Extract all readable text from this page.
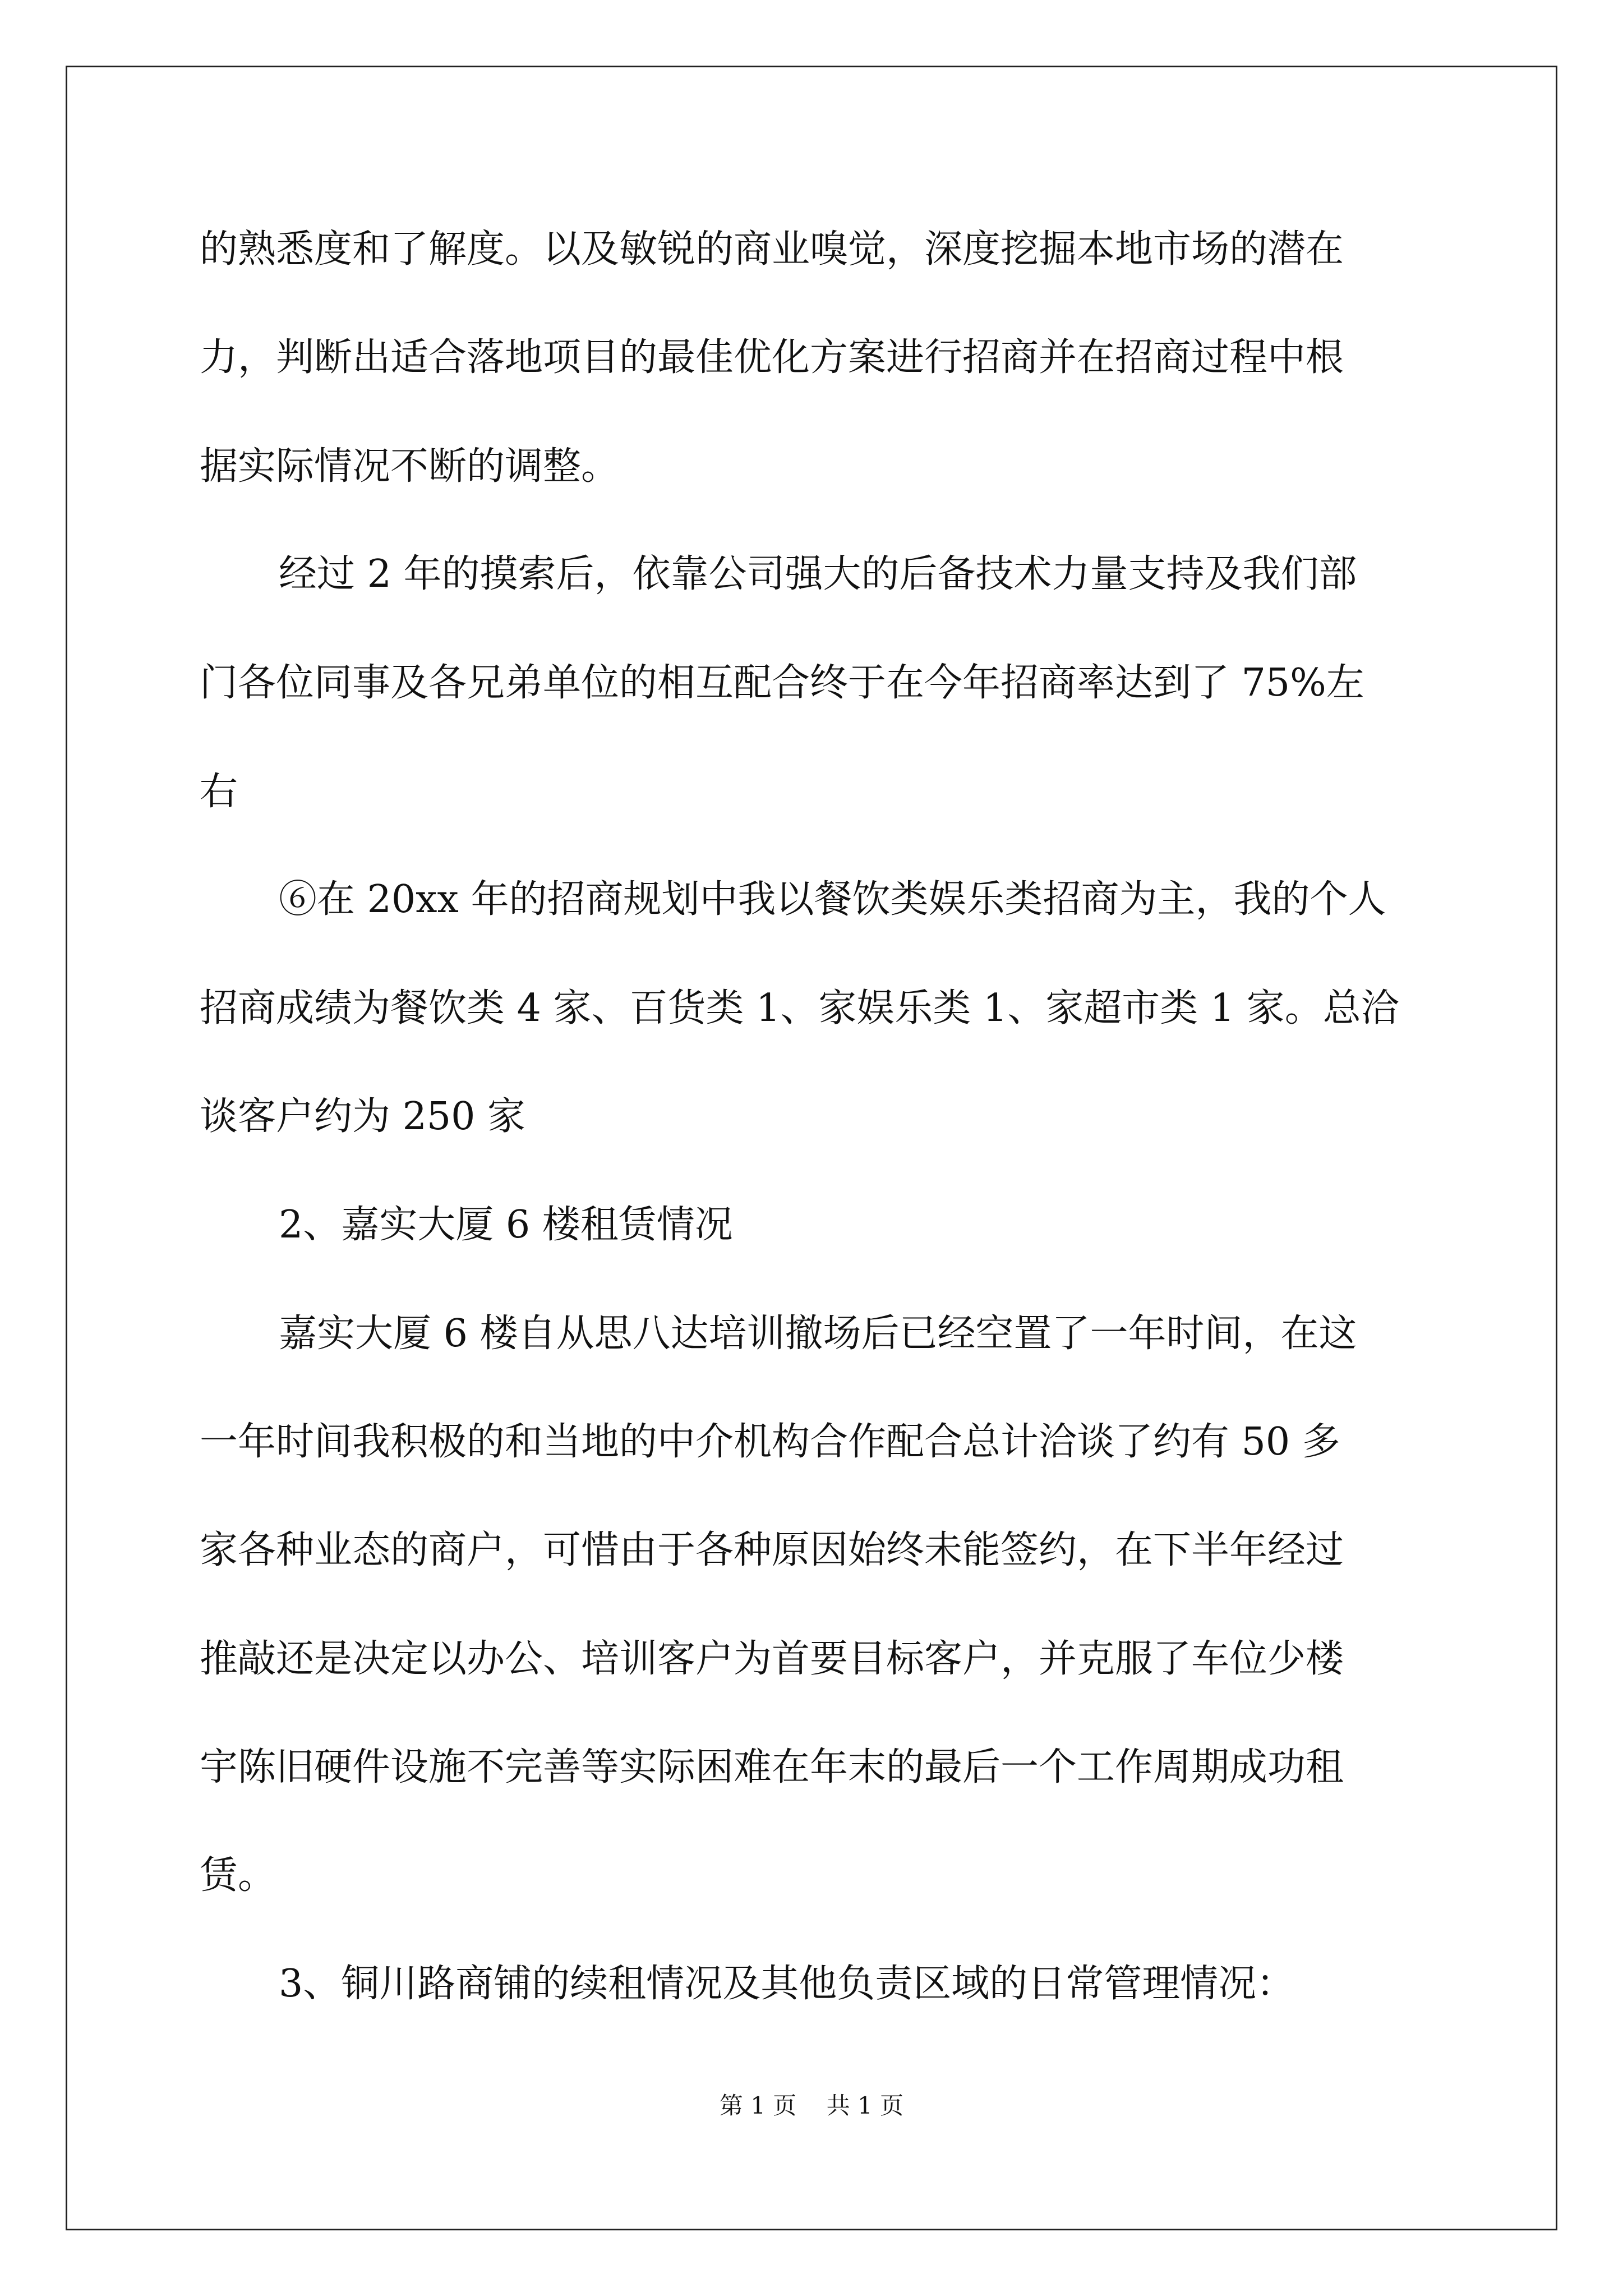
的熟悉度和了解度。以及敏锐的商业嗅觉，深度挖掘本地市场的潜在
力，判断出适合落地项目的最佳优化方案进行招商并在招商过程中根
据实际情况不断的调整。
经过 2 年的摸索后，依靠公司强大的后备技术力量支持及我们部
门各位同事及各兄弟单位的相互配合终于在今年招商率达到了 75%左
右
⑥在 20xx 年的招商规划中我以餐饮类娱乐类招商为主，我的个人
招商成绩为餐饮类 4 家、百货类 1、家娱乐类 1、家超市类 1 家。总洽
谈客户约为 250 家
2、嘉实大厦 6 楼租赁情况
嘉实大厦 6 楼自从思八达培训撤场后已经空置了一年时间，在这
一年时间我积极的和当地的中介机构合作配合总计洽谈了约有 50 多
家各种业态的商户，可惜由于各种原因始终未能签约，在下半年经过
推敲还是决定以办公、培训客户为首要目标客户，并克服了车位少楼
宇陈旧硬件设施不完善等实际困难在年末的最后一个工作周期成功租
赁。
3、铜川路商铺的续租情况及其他负责区域的日常管理情况：
第 1 页    共 1 页
